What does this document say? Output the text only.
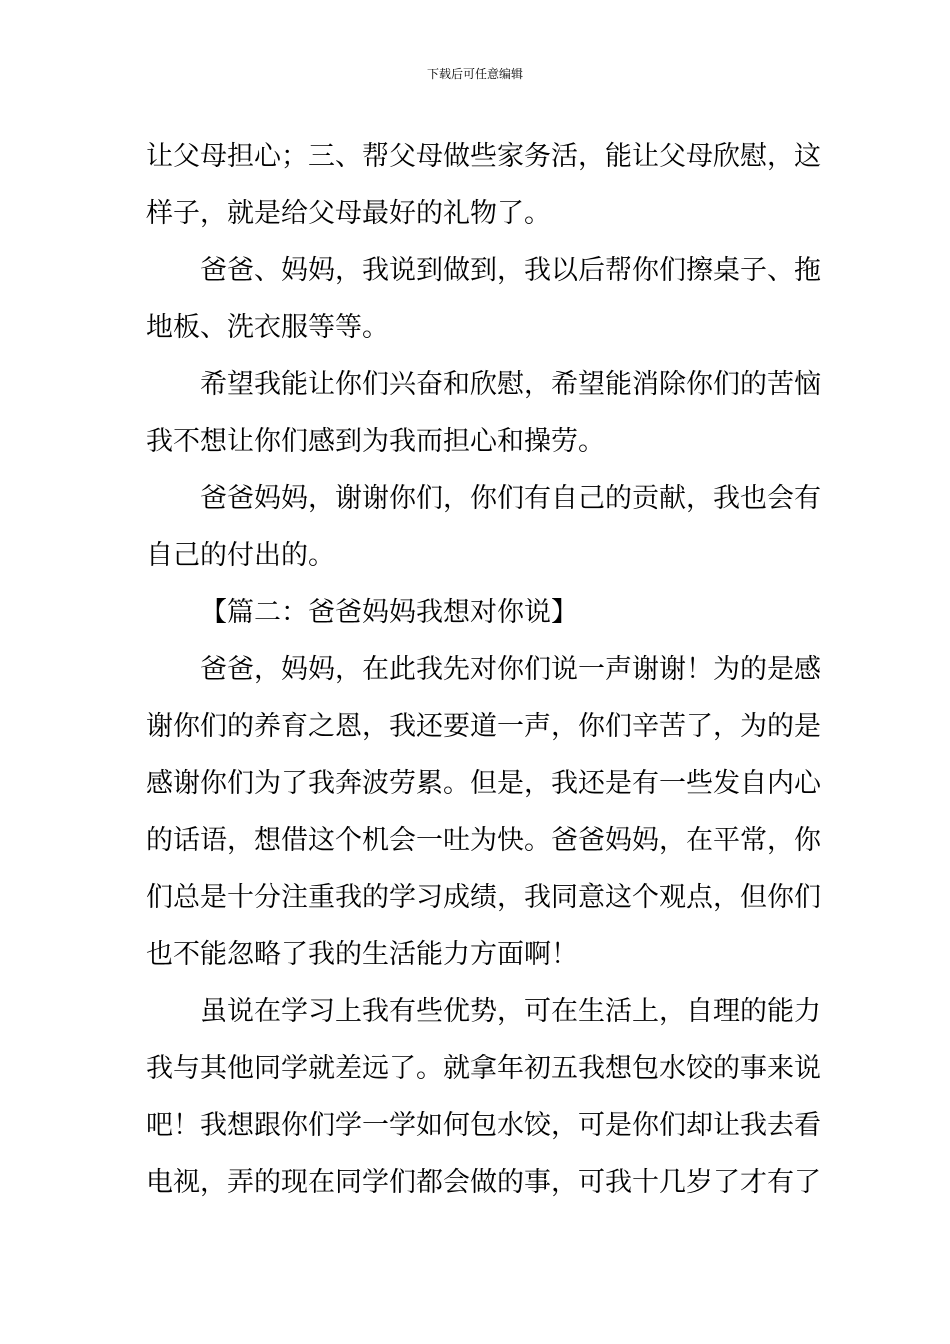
下载后可任意编辑
让父母担心；三、帮父母做些家务活，能让父母欣慰，这
样子，就是给父母最好的礼物了。
爸爸、妈妈，我说到做到，我以后帮你们擦桌子、拖
地板、洗衣服等等。
希望我能让你们兴奋和欣慰，希望能消除你们的苦恼
我不想让你们感到为我而担心和操劳。
爸爸妈妈，谢谢你们，你们有自己的贡献，我也会有
自己的付出的。
【篇二：爸爸妈妈我想对你说】
爸爸，妈妈，在此我先对你们说一声谢谢！为的是感
谢你们的养育之恩，我还要道一声，你们辛苦了，为的是
感谢你们为了我奔波劳累。但是，我还是有一些发自内心
的话语，想借这个机会一吐为快。爸爸妈妈，在平常，你
们总是十分注重我的学习成绩，我同意这个观点，但你们
也不能忽略了我的生活能力方面啊！
虽说在学习上我有些优势，可在生活上，自理的能力
我与其他同学就差远了。就拿年初五我想包水饺的事来说
吧！我想跟你们学一学如何包水饺，可是你们却让我去看
电视，弄的现在同学们都会做的事，可我十几岁了才有了
